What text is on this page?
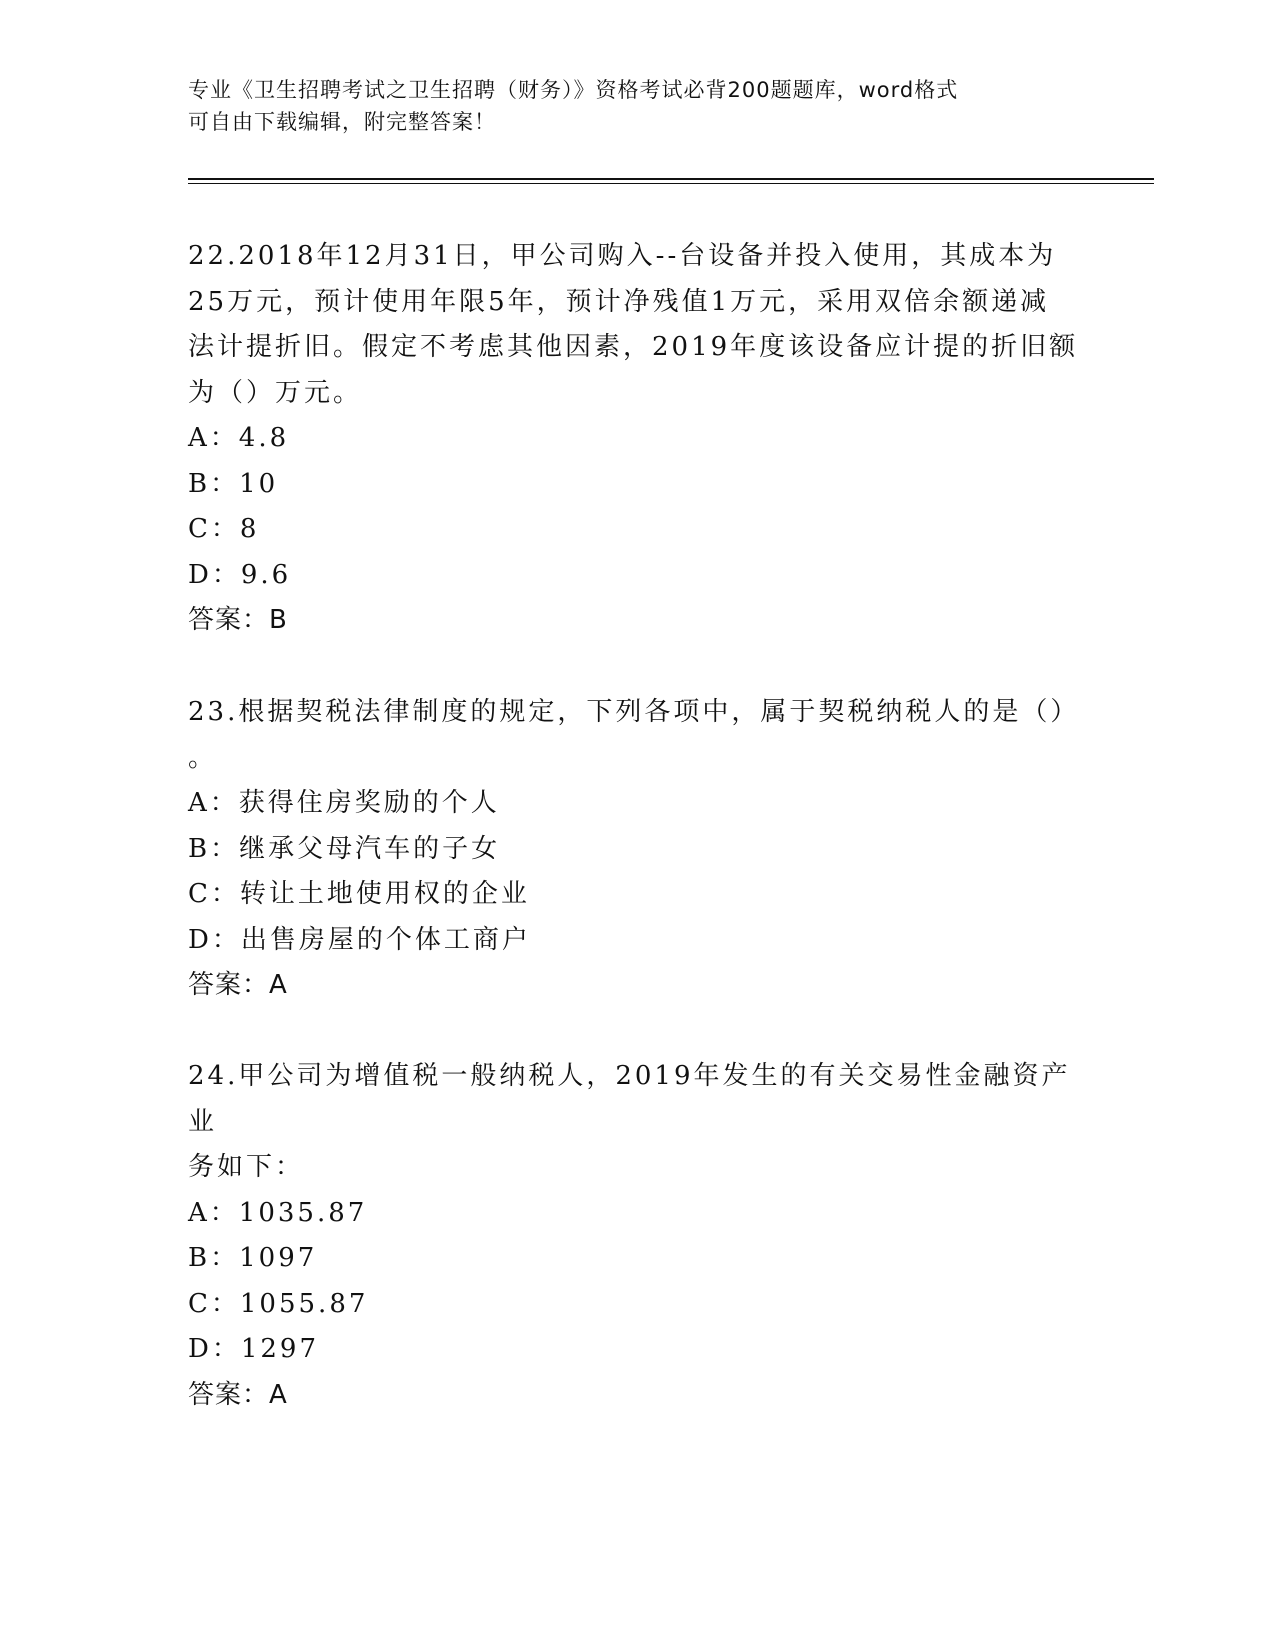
专业《卫生招聘考试之卫生招聘（财务）》资格考试必背200题题库，word格式
可自由下载编辑，附完整答案！

22.2018年12月31日，甲公司购入--台设备并投入使用，其成本为

25万元，预计使用年限5年，预计净残值1万元，采用双倍余额递减

法计提折旧。假定不考虑其他因素，2019年度该设备应计提的折旧额

为（）万元。

A：4.8

B：10

C：8

D：9.6

答案：B

23.根据契税法律制度的规定，下列各项中，属于契税纳税人的是（）

。

A：获得住房奖励的个人

B：继承父母汽车的子女

C：转让土地使用权的企业

D：出售房屋的个体工商户

答案：A

24.甲公司为增值税一般纳税人，2019年发生的有关交易性金融资产业

务如下：

A：1035.87

B：1097

C：1055.87

D：1297

答案：A
